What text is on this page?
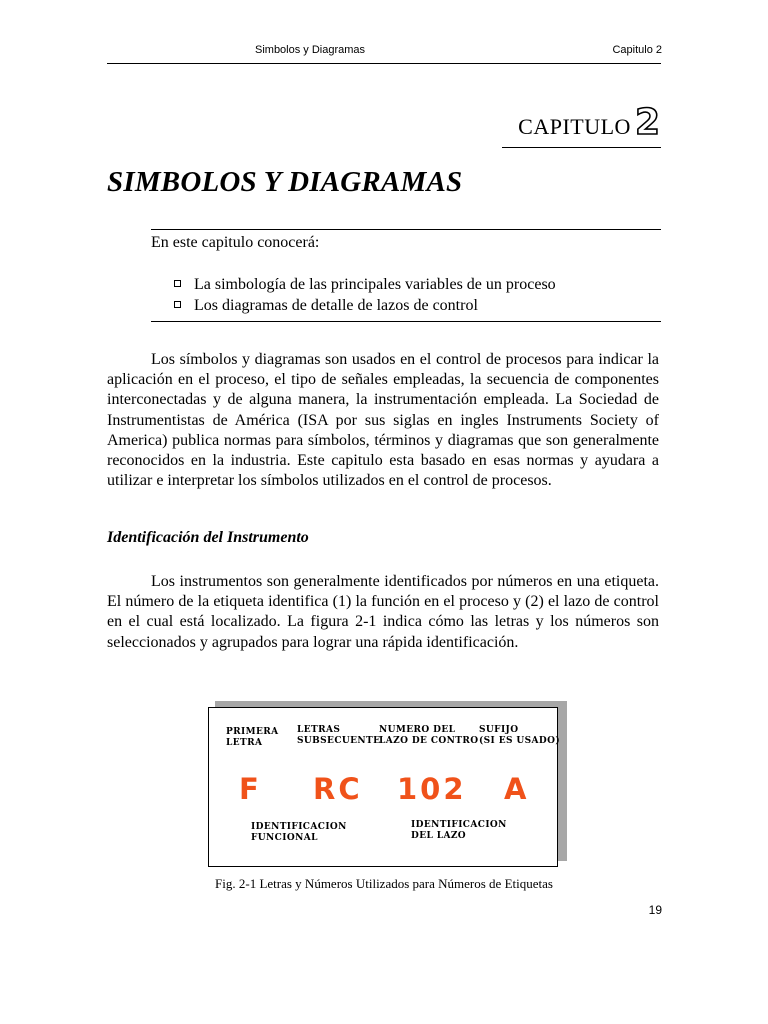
Simbolos y Diagramas	Capitulo 2
CAPITULO 2
SIMBOLOS Y DIAGRAMAS
En este capitulo conocerá:
La simbología de las principales variables de un proceso
Los diagramas de detalle de lazos de control

Los símbolos y diagramas son usados en el control de procesos para indicar la aplicación en el proceso, el tipo de señales empleadas, la secuencia de componentes interconectadas y de alguna manera, la instrumentación empleada. La Sociedad de Instrumentistas de América (ISA por sus siglas en ingles Instruments Society of America) publica normas para símbolos, términos y diagramas que son generalmente reconocidos en la industria. Este capitulo esta basado en esas normas y ayudara a utilizar e interpretar los símbolos utilizados en el control de procesos.

Identificación del Instrumento

Los instrumentos son generalmente identificados por números en una etiqueta. El número de la etiqueta identifica (1) la función en el proceso y (2) el lazo de control en el cual está localizado. La figura 2-1 indica cómo las letras y los números son seleccionados y agrupados para lograr una rápida identificación.

PRIMERA
LETRA
LETRAS
SUBSECUENTE
NUMERO DEL
LAZO DE CONTRO
SUFIJO
(SI ES USADO)
F RC 102 A
IDENTIFICACION
FUNCIONAL
IDENTIFICACION
DEL LAZO
Fig. 2-1 Letras y Números Utilizados para Números de Etiquetas
19
